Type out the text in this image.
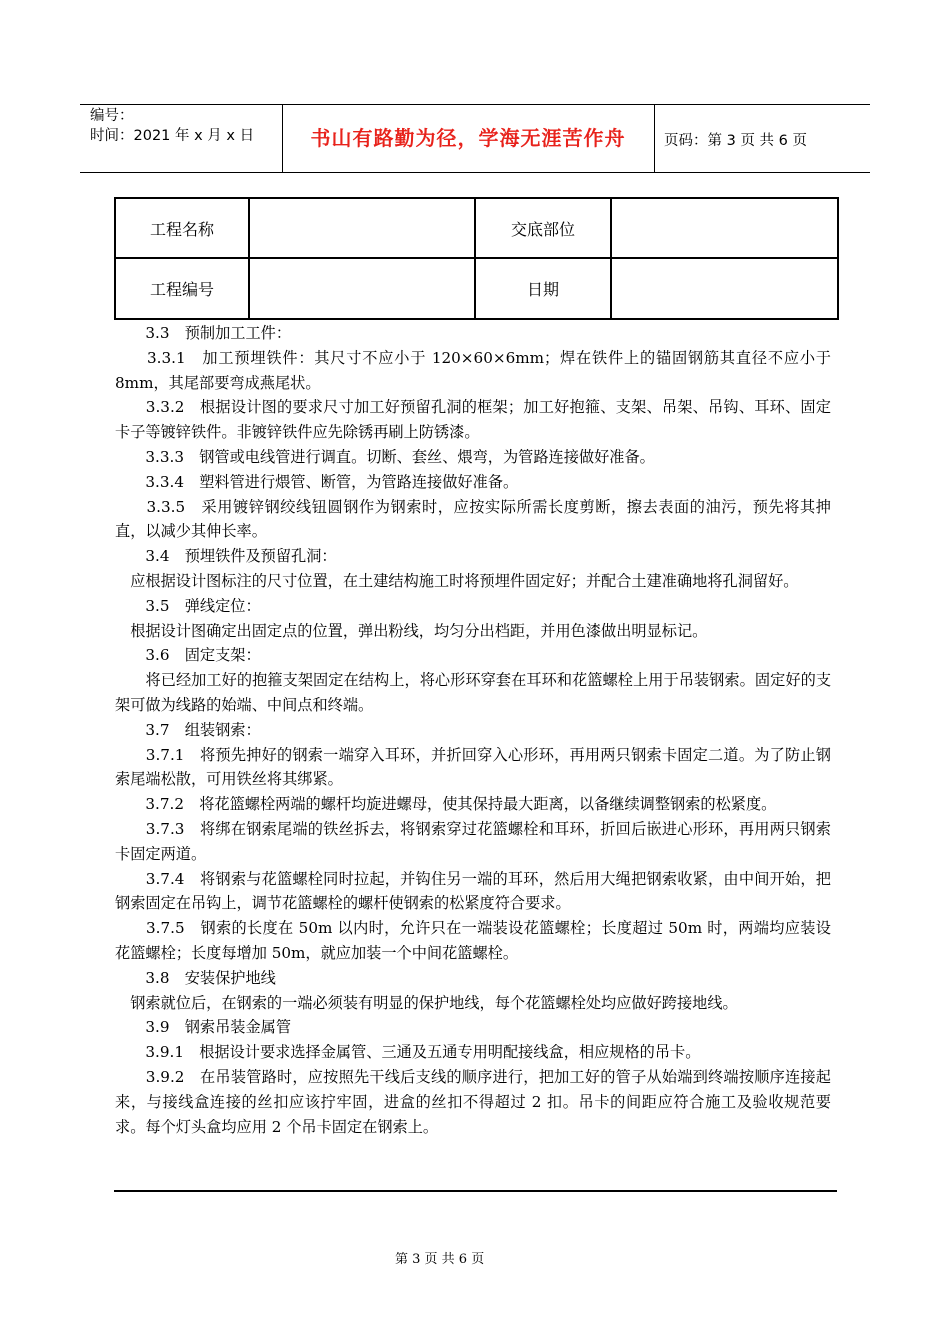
编号：
时间：2021 年 x 月 x 日	书山有路勤为径，学海无涯苦作舟	页码：第 3 页 共 6 页
工程名称		交底部位	
工程编号		日期	

　　3.3　预制加工工件：

　　3.3.1　加工预埋铁件：其尺寸不应小于 120×60×6mm；焊在铁件上的锚固钢筋其直径不应小于 8mm，其尾部要弯成燕尾状。

　　3.3.2　根据设计图的要求尺寸加工好预留孔洞的框架；加工好抱箍、支架、吊架、吊钩、耳环、固定卡子等镀锌铁件。非镀锌铁件应先除锈再刷上防锈漆。

　　3.3.3　钢管或电线管进行调直。切断、套丝、煨弯，为管路连接做好准备。

　　3.3.4　塑料管进行煨管、断管，为管路连接做好准备。

　　3.3.5　采用镀锌钢绞线钮圆钢作为钢索时，应按实际所需长度剪断，擦去表面的油污，预先将其抻直，以减少其伸长率。

　　3.4　预埋铁件及预留孔洞：

　应根据设计图标注的尺寸位置，在土建结构施工时将预埋件固定好；并配合土建准确地将孔洞留好。

　　3.5　弹线定位：

　根据设计图确定出固定点的位置，弹出粉线，均匀分出档距，并用色漆做出明显标记。

　　3.6　固定支架：

　　将已经加工好的抱箍支架固定在结构上，将心形环穿套在耳环和花篮螺栓上用于吊装钢索。固定好的支架可做为线路的始端、中间点和终端。

　　3.7　组装钢索：

　　3.7.1　将预先抻好的钢索一端穿入耳环，并折回穿入心形环，再用两只钢索卡固定二道。为了防止钢索尾端松散，可用铁丝将其绑紧。

　　3.7.2　将花篮螺栓两端的螺杆均旋进螺母，使其保持最大距离，以备继续调整钢索的松紧度。

　　3.7.3　将绑在钢索尾端的铁丝拆去，将钢索穿过花篮螺栓和耳环，折回后嵌进心形环，再用两只钢索卡固定两道。

　　3.7.4　将钢索与花篮螺栓同时拉起，并钩住另一端的耳环，然后用大绳把钢索收紧，由中间开始，把钢索固定在吊钩上，调节花篮螺栓的螺杆使钢索的松紧度符合要求。

　　3.7.5　钢索的长度在 50m 以内时，允许只在一端装设花篮螺栓；长度超过 50m 时，两端均应装设花篮螺栓；长度每增加 50m，就应加装一个中间花篮螺栓。

　　3.8　安装保护地线

　钢索就位后，在钢索的一端必须装有明显的保护地线，每个花篮螺栓处均应做好跨接地线。

　　3.9　钢索吊装金属管

　　3.9.1　根据设计要求选择金属管、三通及五通专用明配接线盒，相应规格的吊卡。

　　3.9.2　在吊装管路时，应按照先干线后支线的顺序进行，把加工好的管子从始端到终端按顺序连接起来，与接线盒连接的丝扣应该拧牢固，进盒的丝扣不得超过 2 扣。吊卡的间距应符合施工及验收规范要求。每个灯头盒均应用 2 个吊卡固定在钢索上。

第 3 页 共 6 页
